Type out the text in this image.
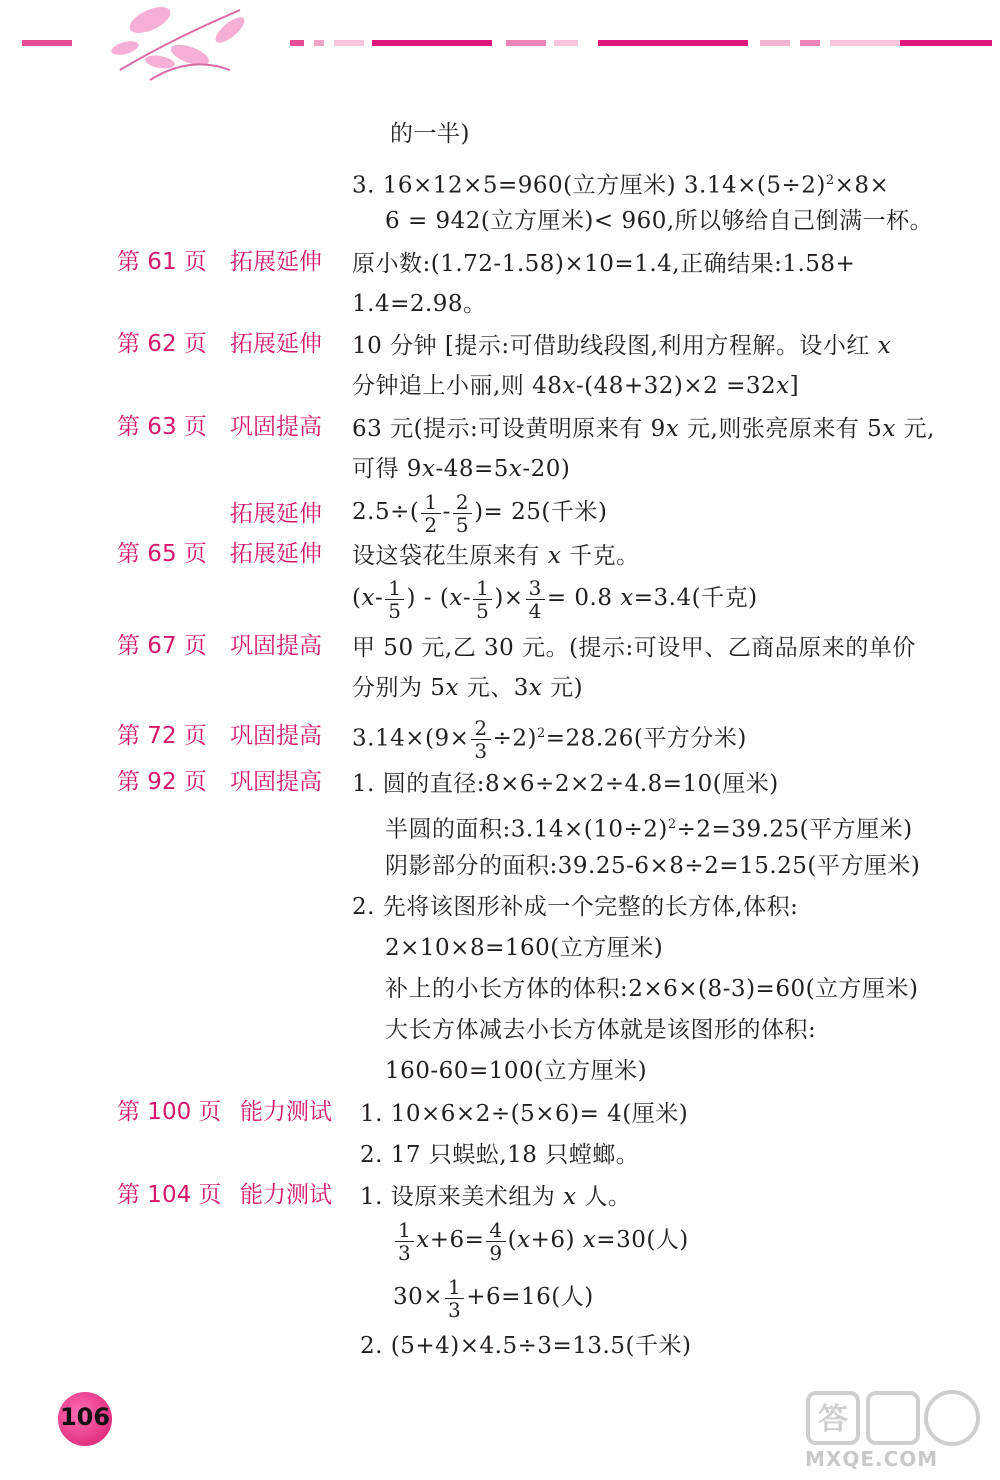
的一半)
3. 16×12×5=960(立方厘米) $3.14\times(5\div 2)^2\times 8\times$
6 = 942(立方厘米)< 960,所以够给自己倒满一杯。
第 61 页 拓展延伸 原小数:(1.72-1.58)×10=1.4,正确结果:1.58+
1.4=2.98。
第 62 页 拓展延伸 10 分钟 [提示:可借助线段图,利用方程解。设小红 x
分钟追上小丽,则 48x-(48+32)×2 =32x]
第 63 页 巩固提高 63 元(提示:可设黄明原来有 9x 元,则张亮原来有 5x 元,
可得 9x-48=5x-20)
拓展延伸 $2.5\div( \frac{1}{2} - \frac{2}{5}$ )= 25(千米)
第 65 页 拓展延伸 设这袋花生原来有 x 千克。
($x- \frac{1}{5}$ ) - ($x- \frac{1}{5}$ )× $\frac{3}{4} = 0.8$ x=3.4(千克)
第 67 页 巩固提高 甲 50 元,乙 30 元。(提示:可设甲、乙商品原来的单价
分别为 5x 元、3x 元)
第 72 页 巩固提高 $3.14\times(9\times \frac{2}{3} \div 2)^2=28.26$(平方分米)
第 92 页 巩固提高 1. 圆的直径:8×6÷2×2÷4.8=10(厘米)
半圆的面积$:3.14\times(10\div 2)^2\div 2=39.25$(平方厘米)
阴影部分的面积:39.25-6×8÷2=15.25(平方厘米)
2. 先将该图形补成一个完整的长方体,体积:
2×10×8=160(立方厘米)
补上的小长方体的体积:2×6×(8-3)=60(立方厘米)
大长方体减去小长方体就是该图形的体积:
160-60=100(立方厘米)
第 100 页 能力测试 1. 10×6×2÷(5×6)= 4(厘米)
2. 17 只蜈蚣,18 只螳螂。
第 104 页 能力测试 1. 设原来美术组为 x 人。
$\frac{1}{3} x+6= \frac{4}{9} (x+6)$ x=30(人)
$30\times \frac{1}{3} +6=16$(人)
2. (5+4)×4.5÷3=13.5(千米)
106	答
MXQE.COM
